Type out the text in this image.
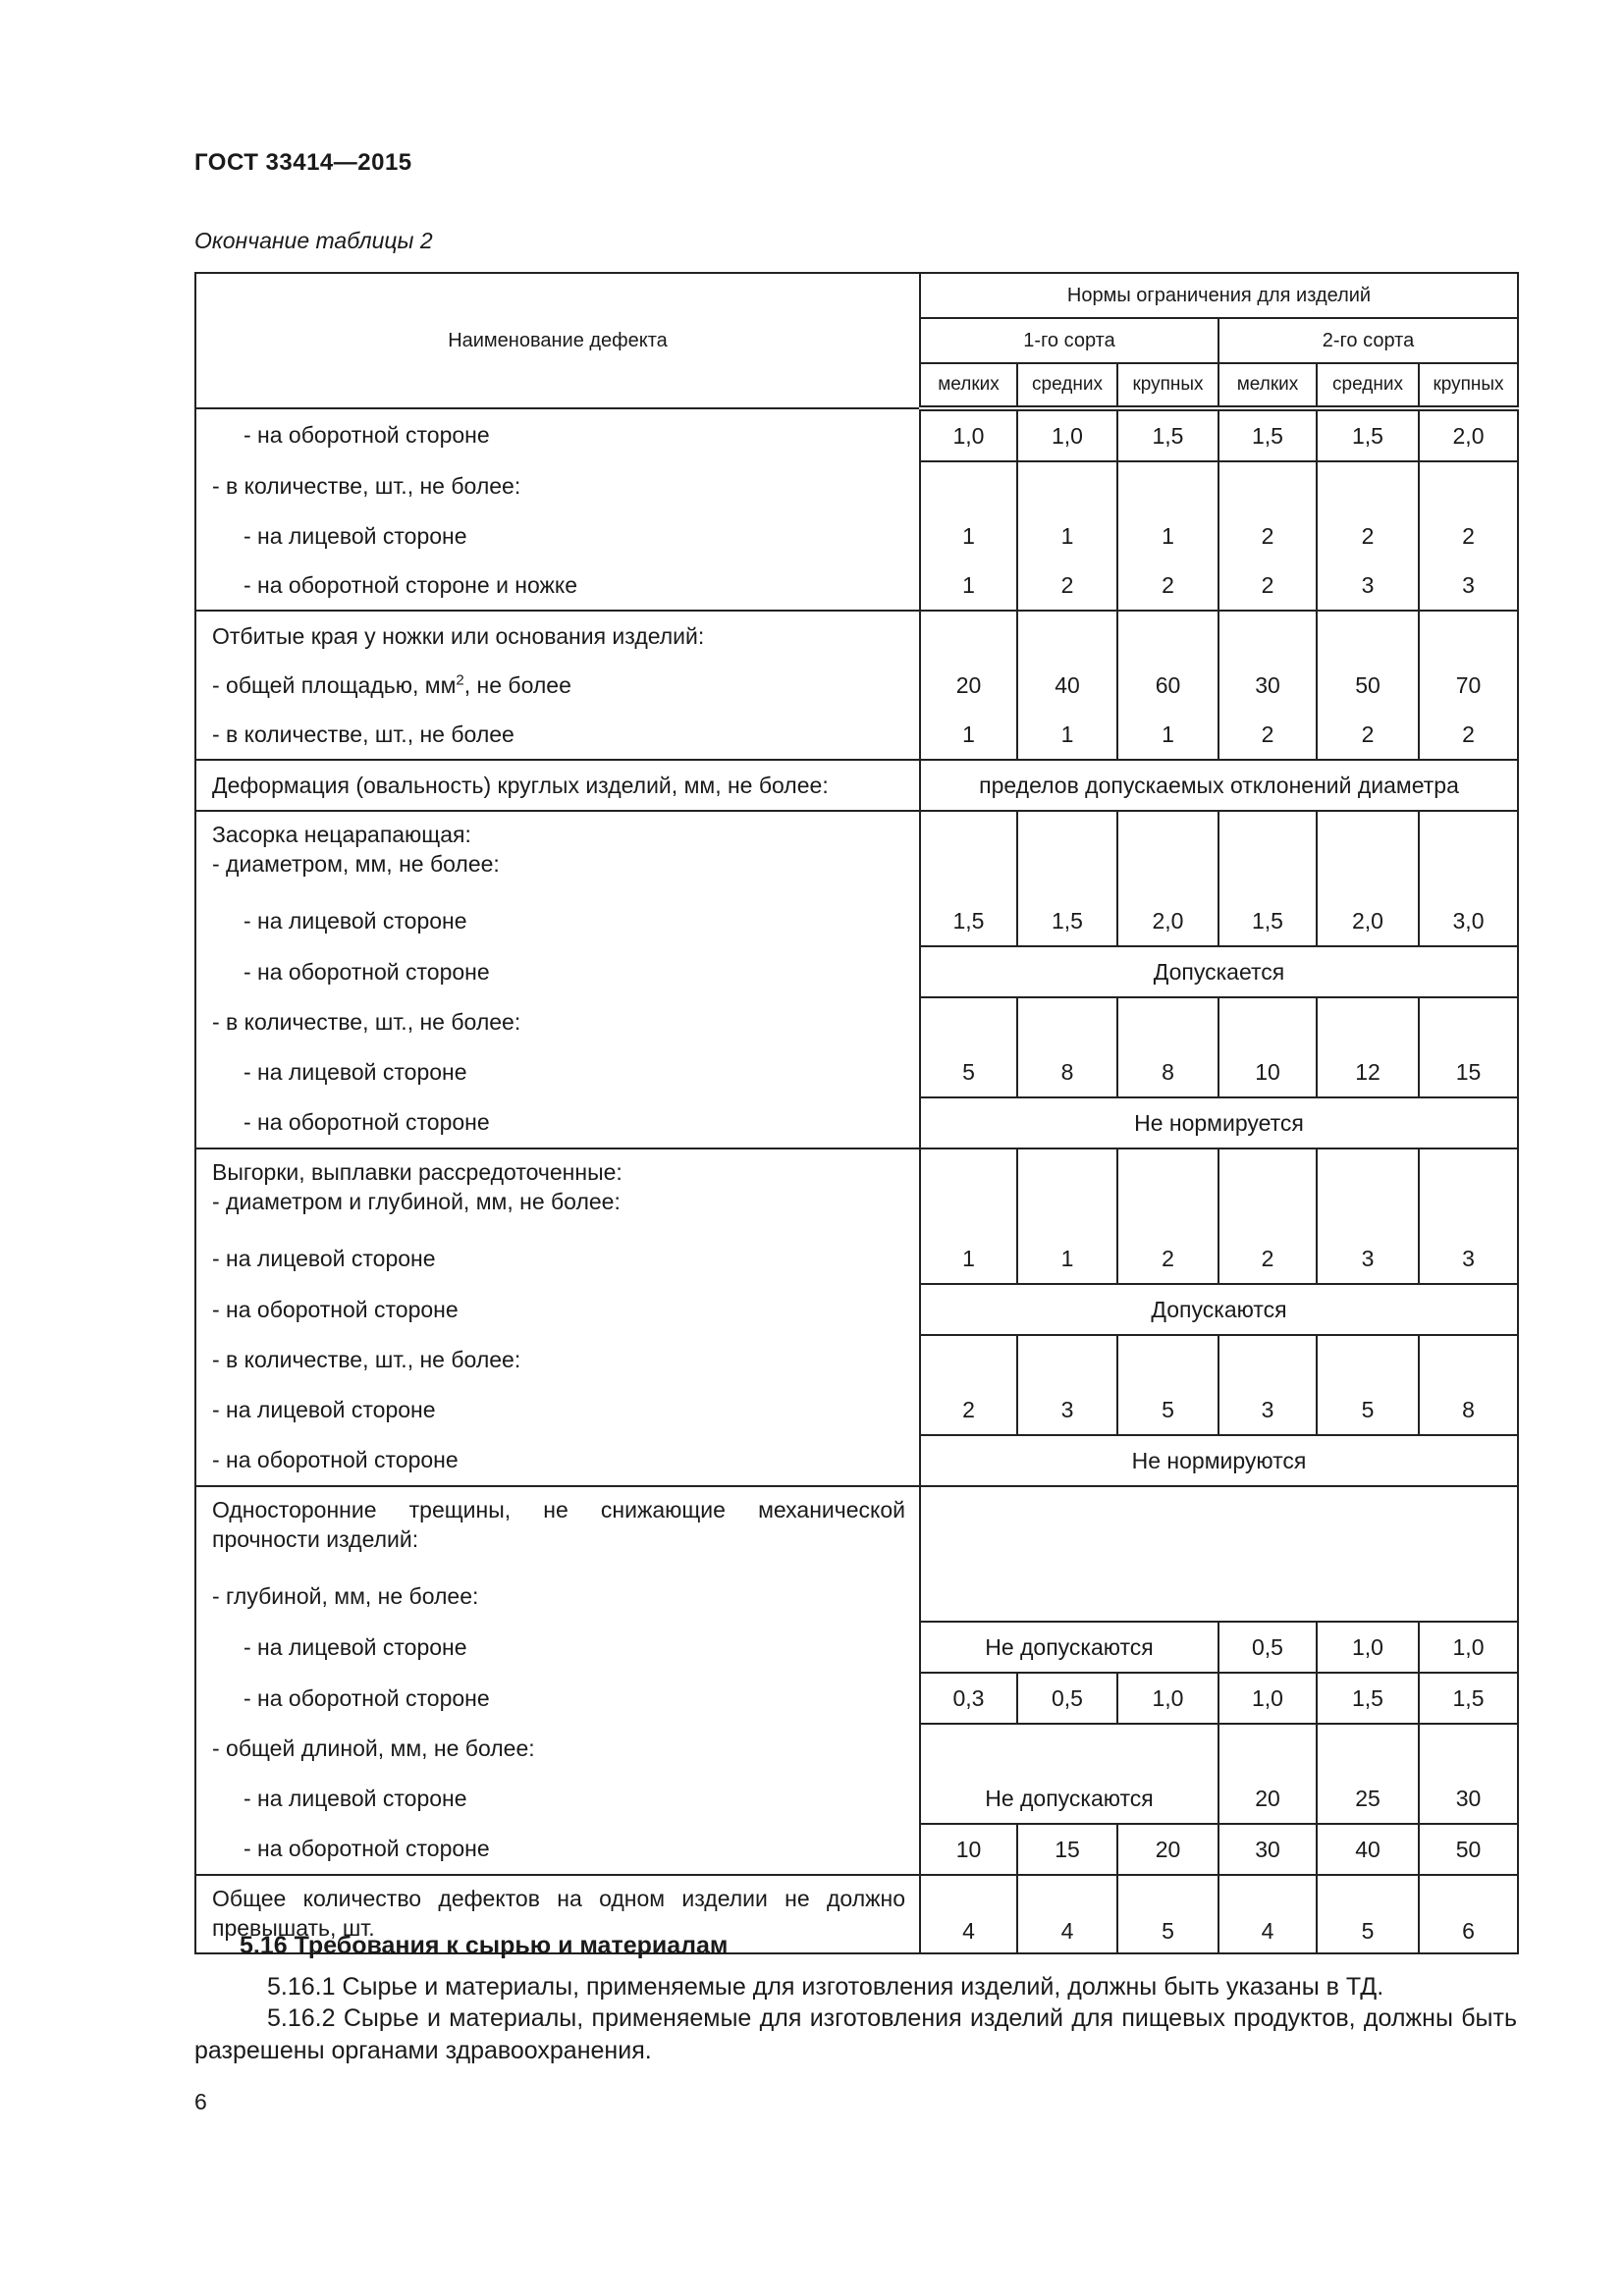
ГОСТ 33414—2015
Окончание таблицы 2
Наименование дефекта	Нормы ограничения для изделий					
	1-го сорта			2-го сорта		
	мелких	средних	крупных	мелких	средних	крупных
- на оборотной стороне	1,0	1,0	1,5	1,5	1,5	2,0
- в количестве, шт., не более:						
- на лицевой стороне	1	1	1	2	2	2
- на оборотной стороне и ножке	1	2	2	2	3	3
Отбитые края у ножки или основания изделий:						
- общей площадью, $мм^2$, не более	20	40	60	30	50	70
- в количестве, шт., не более	1	1	1	2	2	2
Деформация (овальность) круглых изделий, мм, не более:	пределов допускаемых отклонений диаметра					

Засорка нецарапающая:
- диаметром, мм, не более:						

- на лицевой стороне	1,5	1,5	2,0	1,5	2,0	3,0
- на оборотной стороне	Допускается					
- в количестве, шт., не более:						
- на лицевой стороне	5	8	8	10	12	15
- на оборотной стороне	Не нормируется					

Выгорки, выплавки рассредоточенные:
- диаметром и глубиной, мм, не более:						

- на лицевой стороне	1	1	2	2	3	3
- на оборотной стороне	Допускаются					
- в количестве, шт., не более:						
- на лицевой стороне	2	3	5	3	5	8
- на оборотной стороне	Не нормируются					
Односторонние трещины, не снижающие механической прочности изделий:						
- глубиной, мм, не более:						
- на лицевой стороне	Не допускаются			0,5	1,0	1,0
- на оборотной стороне	0,3	0,5	1,0	1,0	1,5	1,5
- общей длиной, мм, не более:						
- на лицевой стороне	Не допускаются			20	25	30
- на оборотной стороне	10	15	20	30	40	50
Общее количество дефектов на одном изделии не должно превышать, шт.	4	4	5	4	5	6
5.16 Требования к сырью и материалам
5.16.1 Сырье и материалы, применяемые для изготовления изделий, должны быть указаны в ТД.
5.16.2 Сырье и материалы, применяемые для изготовления изделий для пищевых продуктов, должны быть разрешены органами здравоохранения.
6
